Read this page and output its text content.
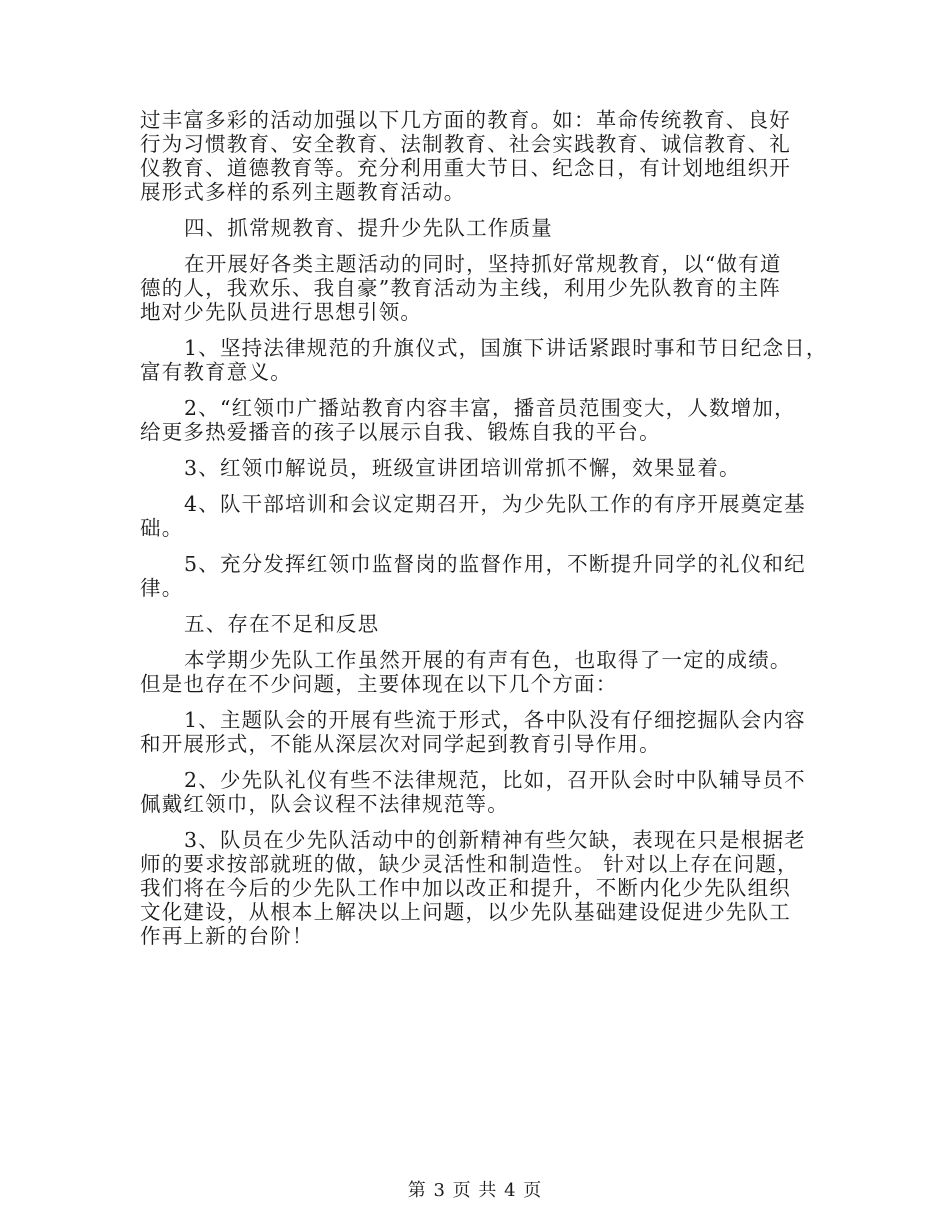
过丰富多彩的活动加强以下几方面的教育。如：革命传统教育、良好
行为习惯教育、安全教育、法制教育、社会实践教育、诚信教育、礼
仪教育、道德教育等。充分利用重大节日、纪念日，有计划地组织开
展形式多样的系列主题教育活动。
四、抓常规教育、提升少先队工作质量
在开展好各类主题活动的同时，坚持抓好常规教育，以“做有道
德的人，我欢乐、我自豪”教育活动为主线，利用少先队教育的主阵
地对少先队员进行思想引领。
1、坚持法律规范的升旗仪式，国旗下讲话紧跟时事和节日纪念日，
富有教育意义。
2、“红领巾广播站教育内容丰富，播音员范围变大，人数增加，
给更多热爱播音的孩子以展示自我、锻炼自我的平台。
3、红领巾解说员，班级宣讲团培训常抓不懈，效果显着。
4、队干部培训和会议定期召开，为少先队工作的有序开展奠定基
础。
5、充分发挥红领巾监督岗的监督作用，不断提升同学的礼仪和纪
律。
五、存在不足和反思
本学期少先队工作虽然开展的有声有色，也取得了一定的成绩。
但是也存在不少问题，主要体现在以下几个方面：
1、主题队会的开展有些流于形式，各中队没有仔细挖掘队会内容
和开展形式，不能从深层次对同学起到教育引导作用。
2、少先队礼仪有些不法律规范，比如，召开队会时中队辅导员不
佩戴红领巾，队会议程不法律规范等。
3、队员在少先队活动中的创新精神有些欠缺，表现在只是根据老
师的要求按部就班的做，缺少灵活性和制造性。 针对以上存在问题，
我们将在今后的少先队工作中加以改正和提升，不断内化少先队组织
文化建设，从根本上解决以上问题，以少先队基础建设促进少先队工
作再上新的台阶！
第 3 页 共 4 页
